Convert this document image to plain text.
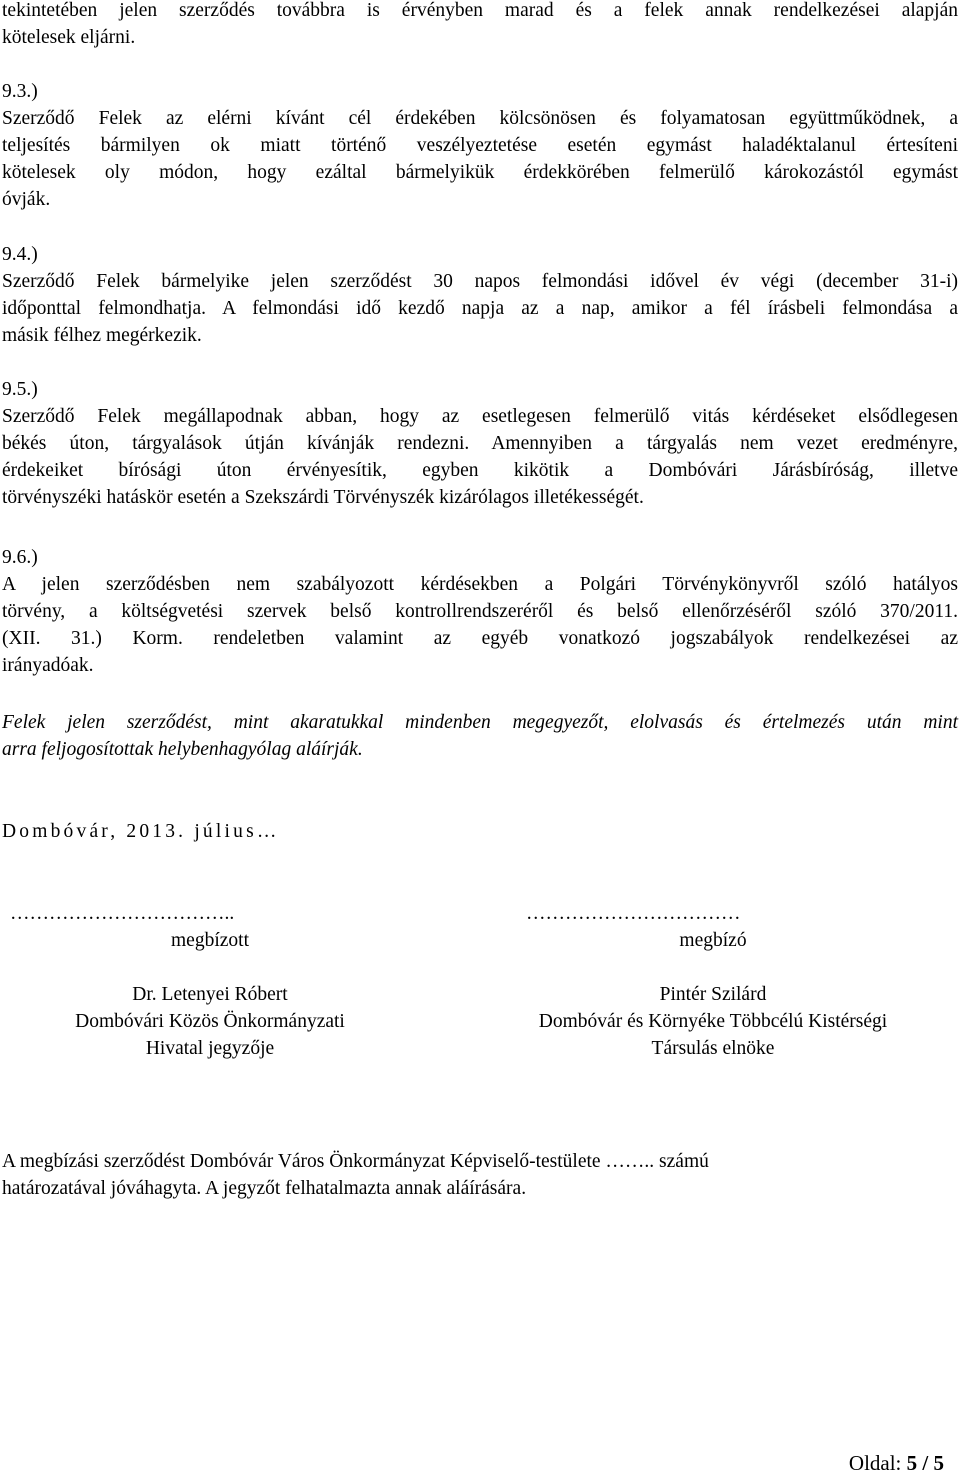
tekintetében jelen szerződés továbbra is érvényben marad és a felek annak rendelkezései alapján
kötelesek eljárni.
9.3.)
Szerződő Felek az elérni kívánt cél érdekében kölcsönösen és folyamatosan együttműködnek, a
teljesítés bármilyen ok miatt történő veszélyeztetése esetén egymást haladéktalanul értesíteni
kötelesek oly módon, hogy ezáltal bármelyikük érdekkörében felmerülő károkozástól egymást
óvják.
9.4.)
Szerződő Felek bármelyike jelen szerződést 30 napos felmondási idővel év végi (december 31-i)
időponttal felmondhatja. A felmondási idő kezdő napja az a nap, amikor a fél írásbeli felmondása a
másik félhez megérkezik.
9.5.)
Szerződő Felek megállapodnak abban, hogy az esetlegesen felmerülő vitás kérdéseket elsődlegesen
békés úton, tárgyalások útján kívánják rendezni. Amennyiben a tárgyalás nem vezet eredményre,
érdekeiket bírósági úton érvényesítik, egyben kikötik a Dombóvári Járásbíróság, illetve
törvényszéki hatáskör esetén a Szekszárdi Törvényszék kizárólagos illetékességét.
9.6.)
A jelen szerződésben nem szabályozott kérdésekben a Polgári Törvénykönyvről szóló hatályos
törvény, a költségvetési szervek belső kontrollrendszeréről és belső ellenőrzéséről szóló 370/2011.
(XII. 31.) Korm. rendeletben valamint az egyéb vonatkozó jogszabályok rendelkezései az
irányadóak.
Felek jelen szerződést, mint akaratukkal mindenben megegyezőt, elolvasás és értelmezés után mint
arra feljogosítottak helybenhagyólag aláírják.
Dombóvár, 2013. július…
……………………………..
megbízott
Dr. Letenyei Róbert
Dombóvári Közös Önkormányzati
Hivatal jegyzője
……………………………
megbízó
Pintér Szilárd
Dombóvár és Környéke Többcélú Kistérségi
Társulás elnöke
A megbízási szerződést Dombóvár Város Önkormányzat Képviselő-testülete …….. számú
határozatával jóváhagyta. A jegyzőt felhatalmazta annak aláírására.
Oldal: 5 / 5
